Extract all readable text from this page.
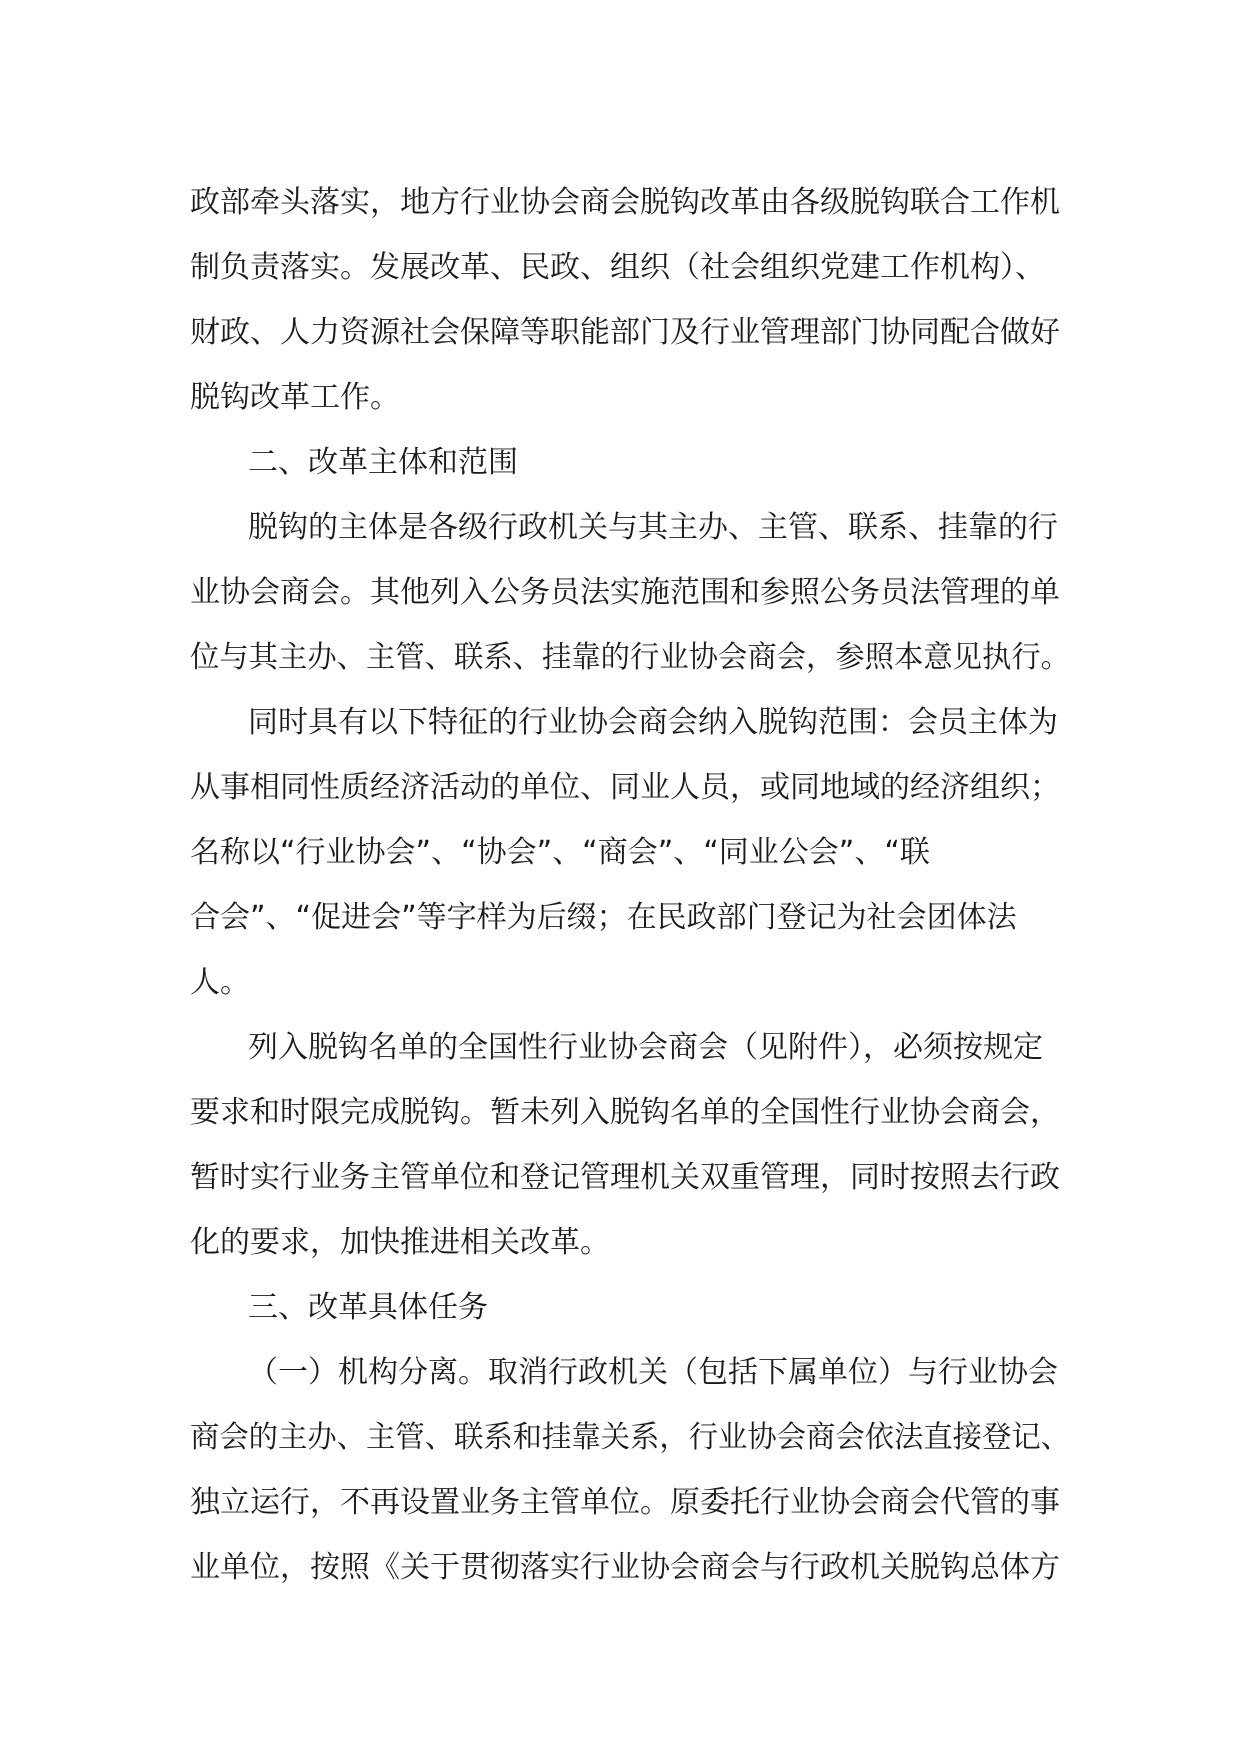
政部牵头落实，地方行业协会商会脱钩改革由各级脱钩联合工作机
制负责落实。发展改革、民政、组织（社会组织党建工作机构）、
财政、人力资源社会保障等职能部门及行业管理部门协同配合做好
脱钩改革工作。
二、改革主体和范围
脱钩的主体是各级行政机关与其主办、主管、联系、挂靠的行
业协会商会。其他列入公务员法实施范围和参照公务员法管理的单
位与其主办、主管、联系、挂靠的行业协会商会，参照本意见执行。
同时具有以下特征的行业协会商会纳入脱钩范围：会员主体为
从事相同性质经济活动的单位、同业人员，或同地域的经济组织；
名称以“行业协会”、“协会”、“商会”、“同业公会”、“联
合会”、“促进会”等字样为后缀；在民政部门登记为社会团体法
人。
列入脱钩名单的全国性行业协会商会（见附件），必须按规定
要求和时限完成脱钩。暂未列入脱钩名单的全国性行业协会商会，
暂时实行业务主管单位和登记管理机关双重管理，同时按照去行政
化的要求，加快推进相关改革。
三、改革具体任务
（一）机构分离。取消行政机关（包括下属单位）与行业协会
商会的主办、主管、联系和挂靠关系，行业协会商会依法直接登记、
独立运行，不再设置业务主管单位。原委托行业协会商会代管的事
业单位，按照《关于贯彻落实行业协会商会与行政机关脱钩总体方
